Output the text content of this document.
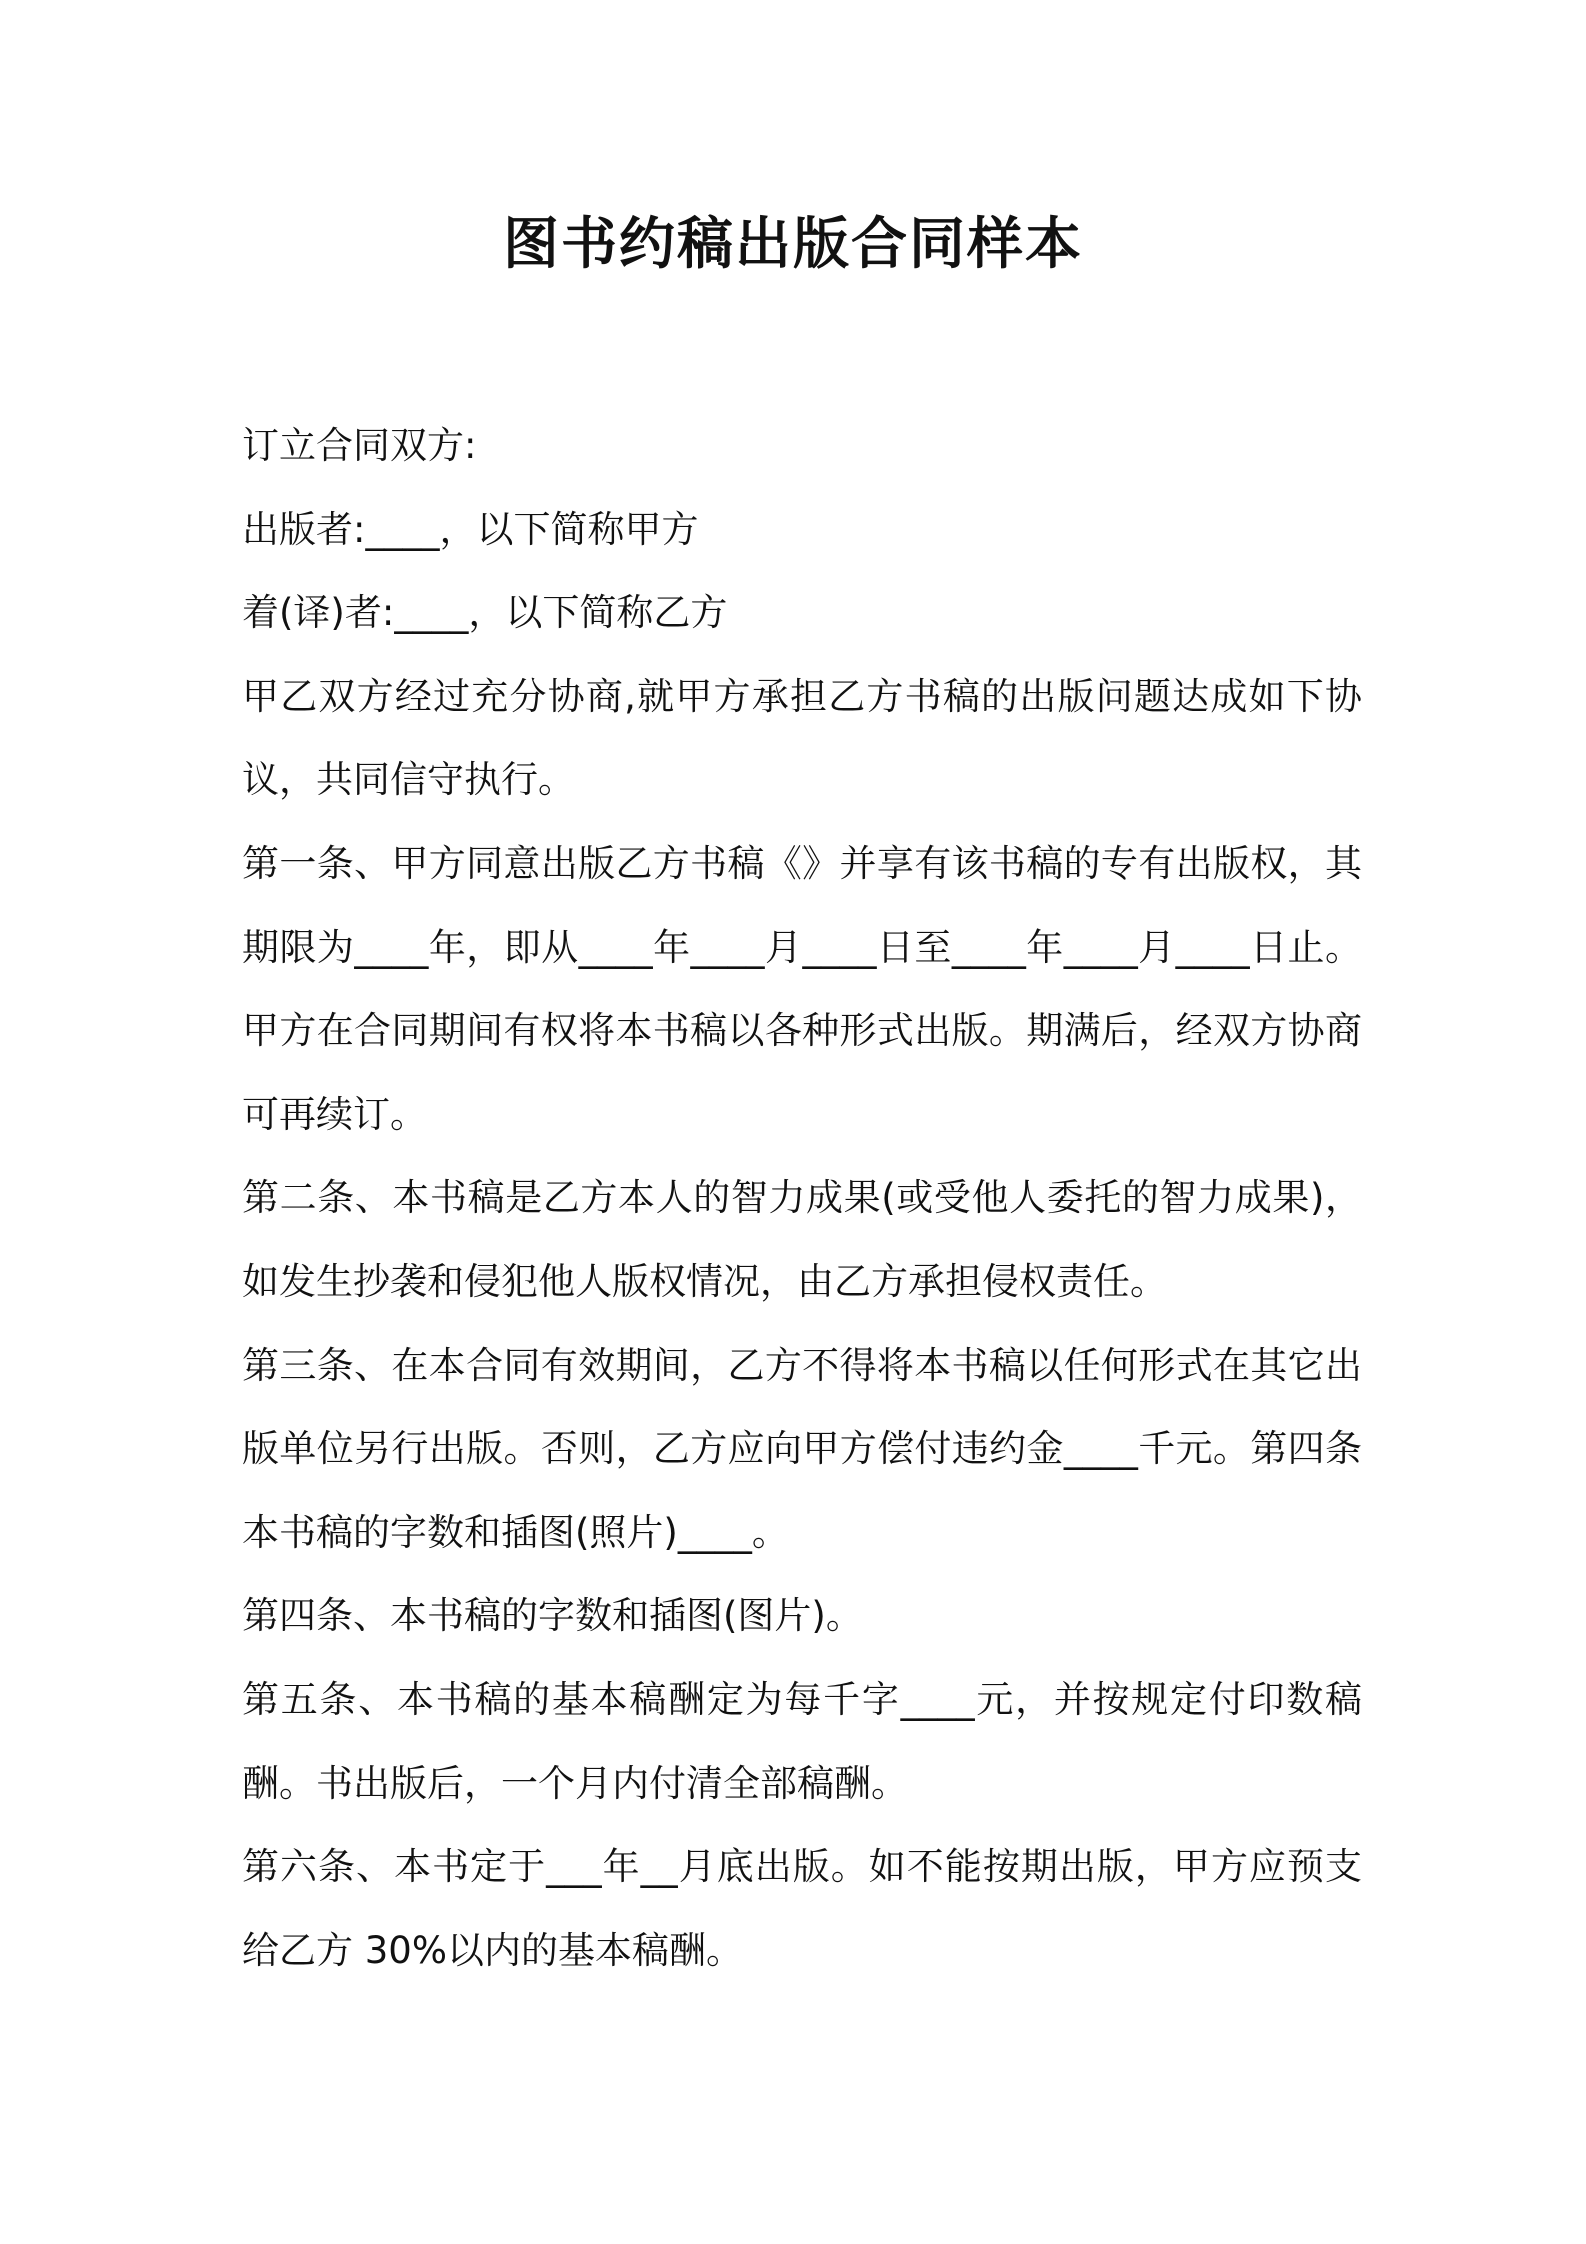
图书约稿出版合同样本

订立合同双方:

出版者:____，以下简称甲方

着(译)者:____，以下简称乙方

甲乙双方经过充分协商,就甲方承担乙方书稿的出版问题达成如下协议，共同信守执行。

第一条、甲方同意出版乙方书稿《》并享有该书稿的专有出版权，其期限为____年，即从____年____月____日至____年____月____日止。甲方在合同期间有权将本书稿以各种形式出版。期满后，经双方协商可再续订。

第二条、本书稿是乙方本人的智力成果(或受他人委托的智力成果)，如发生抄袭和侵犯他人版权情况，由乙方承担侵权责任。

第三条、在本合同有效期间，乙方不得将本书稿以任何形式在其它出版单位另行出版。否则，乙方应向甲方偿付违约金____千元。第四条本书稿的字数和插图(照片)____。

第四条、本书稿的字数和插图(图片)。

第五条、本书稿的基本稿酬定为每千字____元，并按规定付印数稿酬。书出版后，一个月内付清全部稿酬。

第六条、本书定于___年__月底出版。如不能按期出版，甲方应预支给乙方 30%以内的基本稿酬。
